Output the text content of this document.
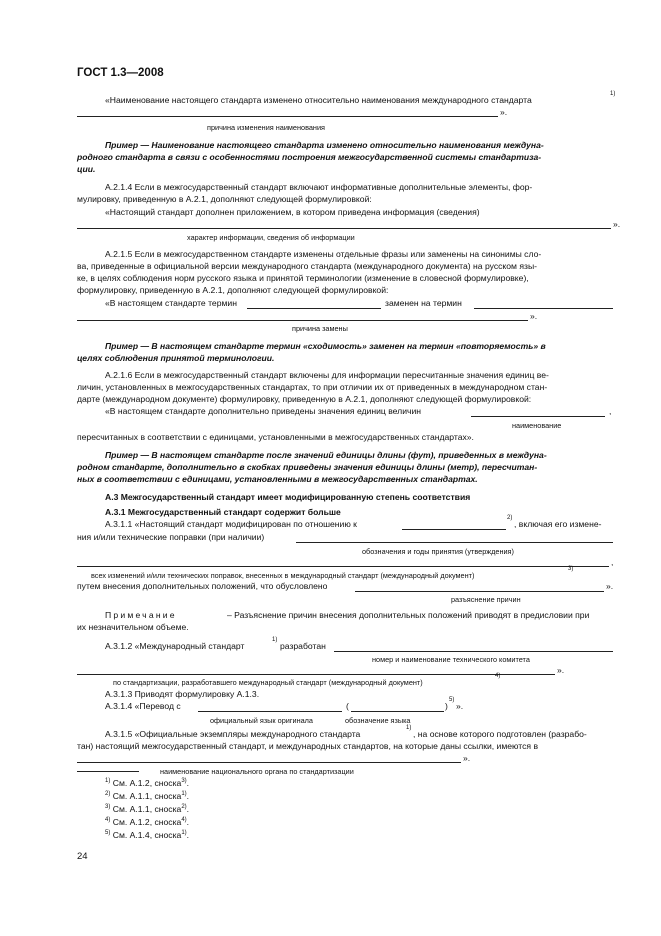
ГОСТ 1.3—2008
«Наименование настоящего стандарта изменено относительно наименования международного стандарта
$^{1)}$
».
причина изменения наименования
Пример — Наименование настоящего стандарта изменено относительно наименования междуна-
родного стандарта в связи с особенностями построения межгосударственной системы стандартиза-
ции.
А.2.1.4 Если в межгосударственный стандарт включают информативные дополнительные элементы, фор-
мулировку, приведенную в А.2.1, дополняют следующей формулировкой:
«Настоящий стандарт дополнен приложением, в котором приведена информация (сведения)
».
характер информации, сведения об информации
А.2.1.5 Если в межгосударственном стандарте изменены отдельные фразы или заменены на синонимы сло-
ва, приведенные в официальной версии международного стандарта (международного документа) на русском язы-
ке, в целях соблюдения норм русского языка и принятой терминологии (изменение в словесной формулировке),
формулировку, приведенную в А.2.1, дополняют следующей формулировкой:
«В настоящем стандарте термин	заменен на термин
».
причина замены
Пример — В настоящем стандарте термин «сходимость» заменен на термин «повторяемость» в
целях соблюдения принятой терминологии.
А.2.1.6 Если в межгосударственный стандарт включены для информации пересчитанные значения единиц ве-
личин, установленных в межгосударственных стандартах, то при отличии их от приведенных в международном стан-
дарте (международном документе) формулировку, приведенную в А.2.1, дополняют следующей формулировкой:
«В настоящем стандарте дополнительно приведены значения единиц величин	,
наименование
пересчитанных в соответствии с единицами, установленными в межгосударственных стандартах».
Пример — В настоящем стандарте после значений единицы длины (фут), приведенных в междуна-
родном стандарте, дополнительно в скобках приведены значения единицы длины (метр), пересчитан-
ных в соответствии с единицами, установленными в межгосударственных стандартах.
А.3 Межгосударственный стандарт имеет модифицированную степень соответствия
А.3.1 Межгосударственный стандарт содержит больше
А.3.1.1 «Настоящий стандарт модифицирован по отношению к
$^{2)}$
, включая его измене-
ния и/или технические поправки (при наличии)
обозначения и годы принятия (утверждения)
,
всех изменений и/или технических поправок, внесенных в международный стандарт (международный документ)
$^{3)}$
путем внесения дополнительных положений, что обусловлено	».
разъяснение причин
Примечание	– Разъяснение причин внесения дополнительных положений приводят в предисловии при
их незначительном объеме.
А.3.1.2 «Международный стандарт
$^{1)}$
разработан
номер и наименование технического комитета
».
по стандартизации, разработавшего международный стандарт (международный документ)
$^{4)}$
А.3.1.3 Приводят формулировку А.1.3.
А.3.1.4 «Перевод с	(	)
$^{5)}$
».
официальный язык оригинала	обозначение языка
А.3.1.5 «Официальные экземпляры международного стандарта
$^{1)}$
, на основе которого подготовлен (разрабо-
тан) настоящий межгосударственный стандарт, и международных стандартов, на которые даны ссылки, имеются в
».
наименование национального органа по стандартизации
$^{1)}$ См. А.1.2, сноска$^{3)}$.
$^{2)}$ См. А.1.1, сноска$^{1)}$.
$^{3)}$ См. А.1.1, сноска$^{2)}$.
$^{4)}$ См. А.1.2, сноска$^{4)}$.
$^{5)}$ См. А.1.4, сноска$^{1)}$.
24
